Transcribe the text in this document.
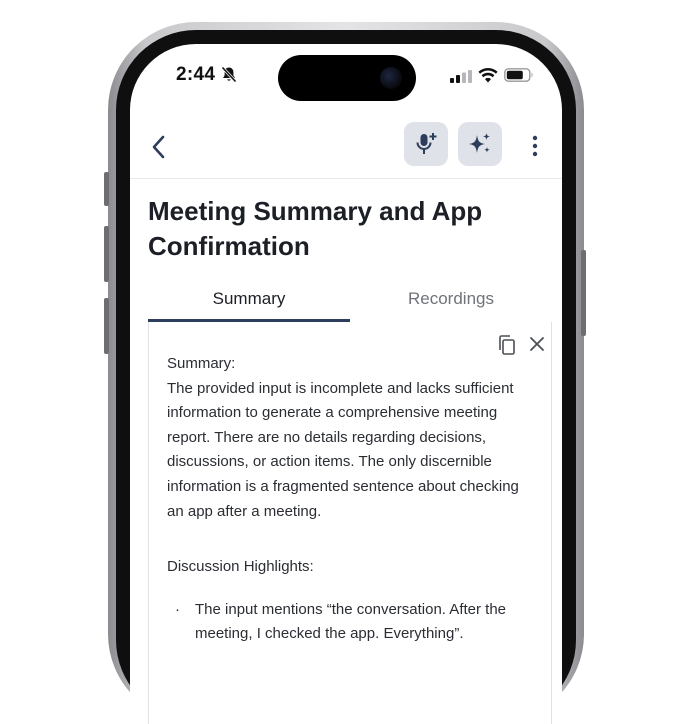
2:44
Meeting Summary and App Confirmation
Summary	Recordings
Summary:
The provided input is incomplete and lacks sufficient information to generate a comprehensive meeting report. There are no details regarding decisions, discussions, or action items. The only discernible information is a fragmented sentence about checking an app after a meeting.
Discussion Highlights:
· The input mentions “the conversation. After the meeting, I checked the app. Everything”.
